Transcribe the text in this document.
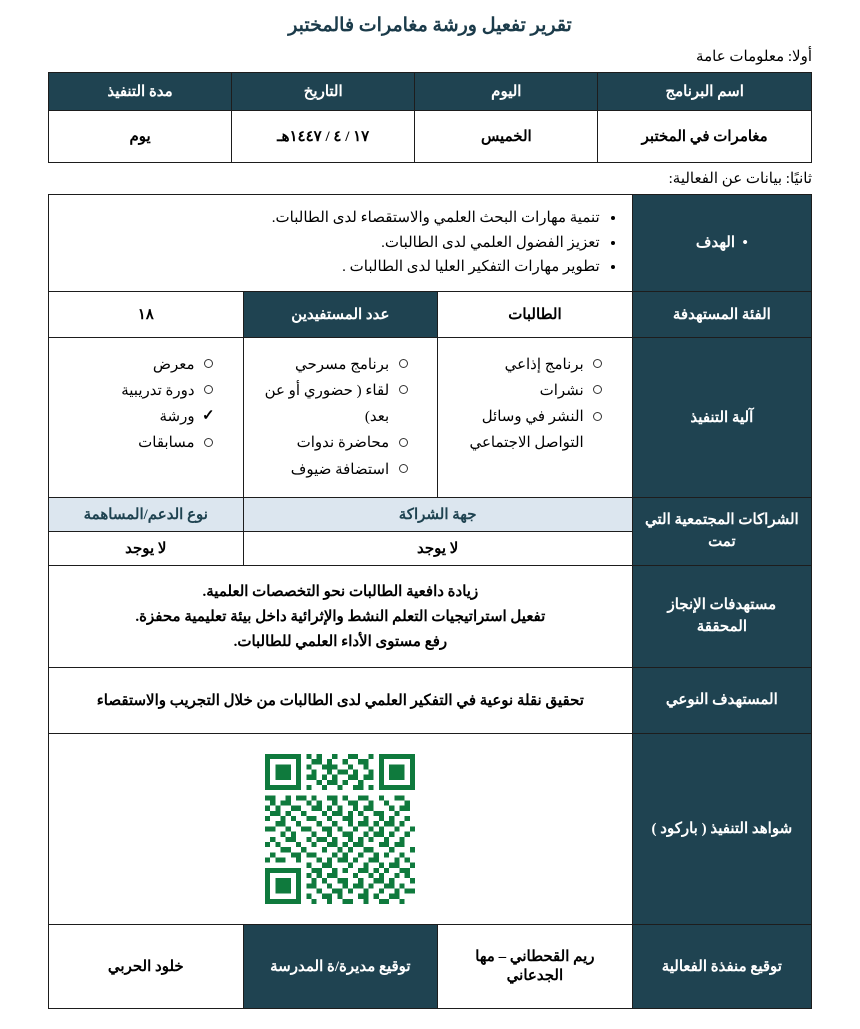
تقرير تفعيل ورشة مغامرات فالمختبر
أولا: معلومات عامة
اسم البرنامج	اليوم	التاريخ	مدة التنفيذ
مغامرات في المختبر	الخميس	١٧ / ٤ / ١٤٤٧هـ	يوم
ثانيًا: بيانات عن الفعالية:
•  الهدف	
• تنمية مهارات البحث العلمي والاستقصاء لدى الطالبات.
• تعزيز الفضول العلمي لدى الطالبات.
• تطوير مهارات التفكير العليا لدى الطالبات .

الفئة المستهدفة	الطالبات	عدد المستفيدين	١٨
آلية التنفيذ	
برنامج إذاعي
نشرات
النشر في وسائل التواصل الاجتماعي

برنامج مسرحي
لقاء ( حضوري أو عن بعد)
محاضرة ندوات
استضافة ضيوف

معرض
دورة تدريبية
✓
ورشة
مسابقات

الشراكات المجتمعية التي تمت	جهة الشراكة		نوع الدعم/المساهمة
	لا يوجد		لا يوجد
مستهدفات الإنجاز المحققة	زيادة دافعية الطالبات نحو التخصصات العلمية.

تفعيل استراتيجيات التعلم النشط والإثرائية داخل بيئة تعليمية محفزة.

رفع مستوى الأداء العلمي للطالبات.		

المستهدف النوعي	تحقيق نقلة نوعية في التفكير العلمي لدى الطالبات من خلال التجريب والاستقصاء		
شواهد التنفيذ ( باركود )	

توقيع منفذة الفعالية	ريم القحطاني – مها الجدعاني	توقيع مديرة/ة المدرسة	خلود الحربي
